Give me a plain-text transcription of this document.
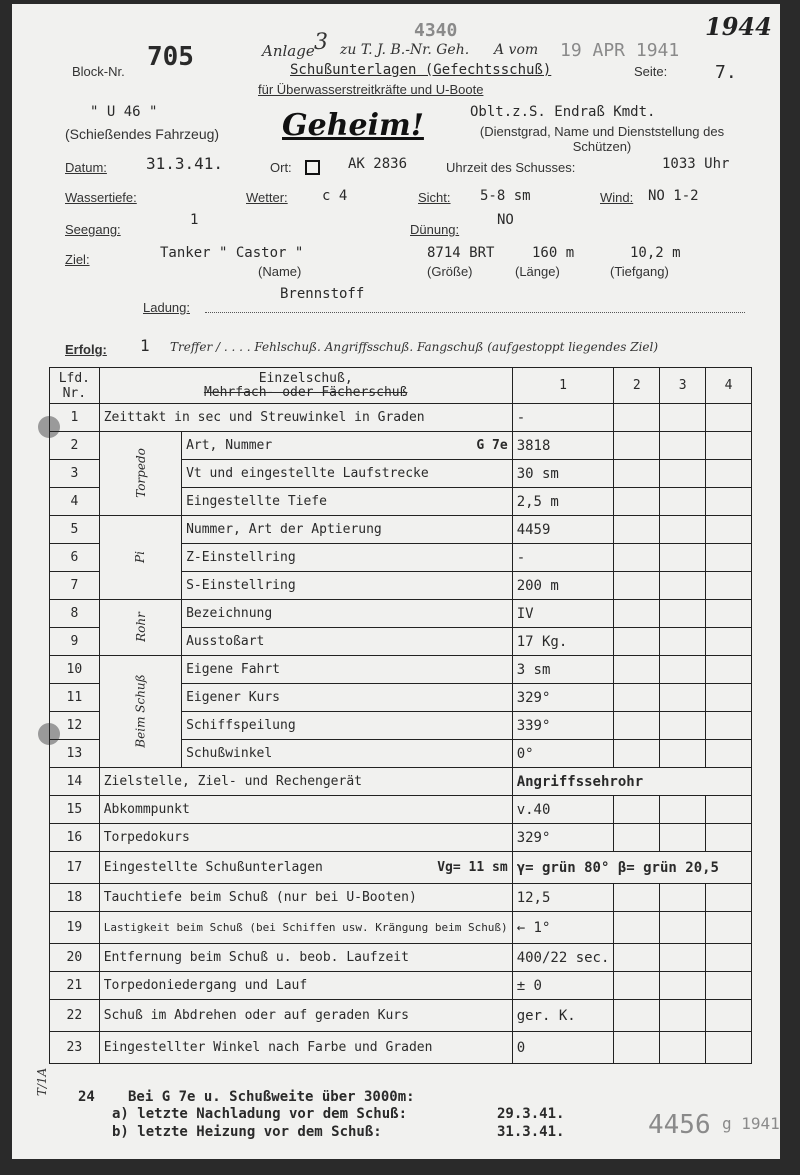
Block-Nr. 705	Anlage 3 zu T. J. B.-Nr. Geh.
4340
A vom 19 APR 1941
1944
Schußunterlagen (Gefechtsschuß)
für Überwasserstreitkräfte und U-Boote
Seite:	7.
" U 46 "
(Schießendes Fahrzeug) Geheim!	Oblt.z.S. Endraß Kmdt.
(Dienstgrad, Name und Dienststellung des Schützen)
Datum: 31.3.41.	Ort:	AK 2836	Uhrzeit des Schusses:	1033 Uhr
Wassertiefe:	Wetter: c 4	Sicht: 5-8 sm	Wind: NO 1-2
Seegang:
1
Dünung:
NO
Ziel:	Tanker " Castor "	8714 BRT	160 m	10,2 m
(Name)	(Größe)	(Länge)	(Tiefgang)
Brennstoff
Ladung:
Erfolg: 1 Treffer / . . . . Fehlschuß. Angriffsschuß. Fangschuß (aufgestoppt liegendes Ziel)
Lfd. Nr.	Einzelschuß,
Mehrfach- oder Fächerschuß		1	2	3	4
1	Zeittakt in sec und Streuwinkel in Graden		-			
2	Torpedo	Art, Nummer G 7e	3818			
3		Vt und eingestellte Laufstrecke	30 sm			
4		Eingestellte Tiefe	2,5 m			
5	Pi	Nummer, Art der Aptierung	4459			
6		Z-Einstellring	-			
7		S-Einstellring	200 m			
8	Rohr	Bezeichnung	IV			
9		Ausstoßart	17 Kg.			
10	Beim Schuß	Eigene Fahrt	3 sm			
11		Eigener Kurs	329°			
12		Schiffspeilung	339°			
13		Schußwinkel	0°			
14	Zielstelle, Ziel- und Rechengerät		Angriffssehrohr			
15	Abkommpunkt		v.40			
16	Torpedokurs		329°			
17	Eingestellte Schußunterlagen Vg= 11 sm		γ= grün 80° β= grün 20,5			
18	Tauchtiefe beim Schuß (nur bei U-Booten)		12,5			
19	Lastigkeit beim Schuß (bei Schiffen usw. Krängung beim Schuß)		← 1°			
20	Entfernung beim Schuß u. beob. Laufzeit		400/22 sec.			
21	Torpedoniedergang und Lauf		± 0			
22	Schuß im Abdrehen oder auf geraden Kurs		ger. K.			
23	Eingestellter Winkel nach Farbe und Graden		0			
24 Bei G 7e u. Schußweite über 3000m:
a) letzte Nachladung vor dem Schuß:	29.3.41.
b) letzte Heizung vor dem Schuß:	31.3.41.	4456 g 1941
T/1A
